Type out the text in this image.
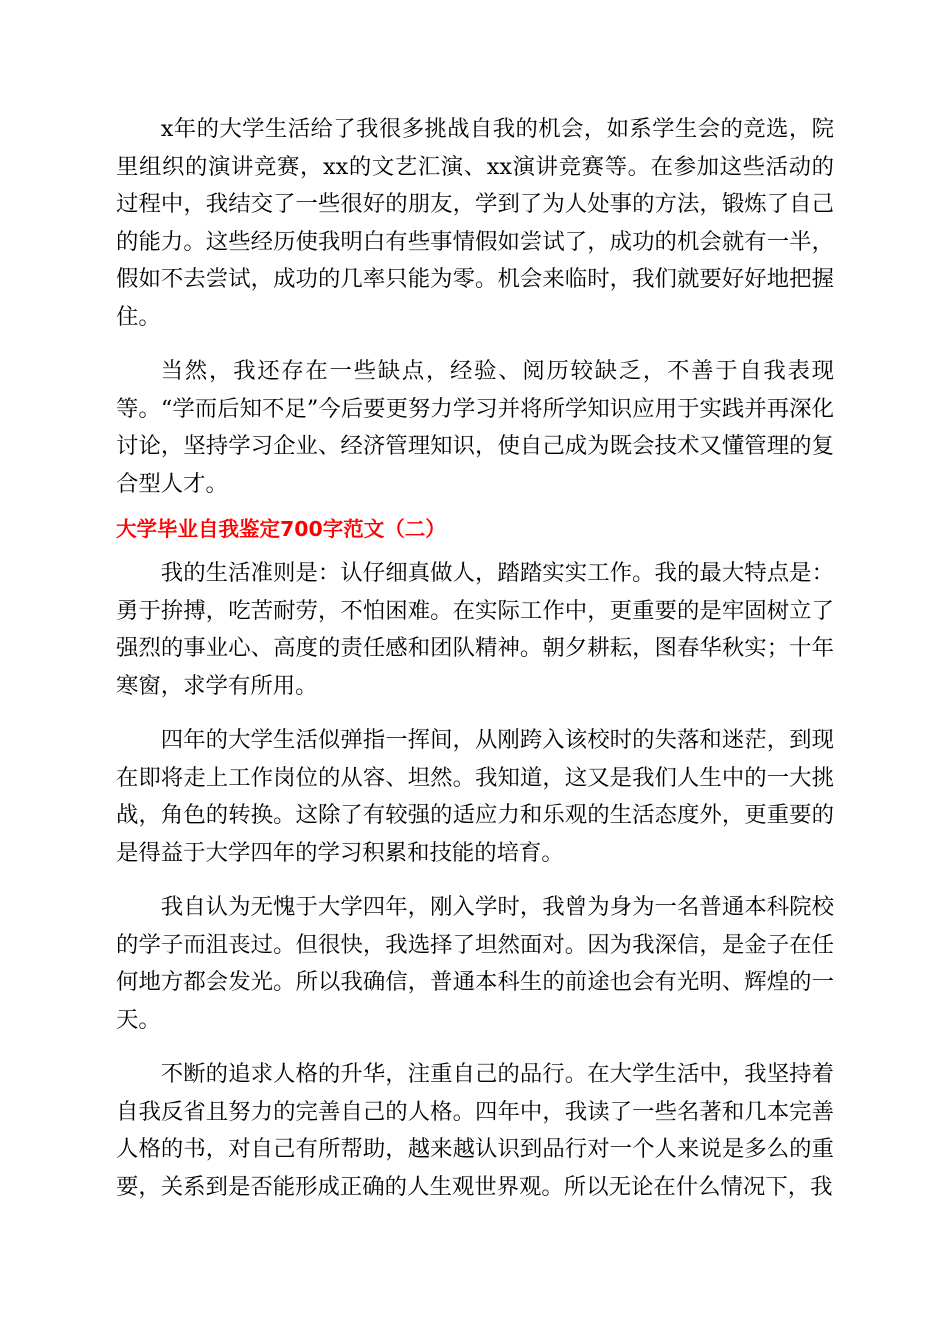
x年的大学生活给了我很多挑战自我的机会，如系学生会的竞选，院里组织的演讲竞赛，xx的文艺汇演、xx演讲竞赛等。在参加这些活动的过程中，我结交了一些很好的朋友，学到了为人处事的方法，锻炼了自己的能力。这些经历使我明白有些事情假如尝试了，成功的机会就有一半，假如不去尝试，成功的几率只能为零。机会来临时，我们就要好好地把握住。

当然，我还存在一些缺点，经验、阅历较缺乏，不善于自我表现等。“学而后知不足”今后要更努力学习并将所学知识应用于实践并再深化讨论，坚持学习企业、经济管理知识，使自己成为既会技术又懂管理的复合型人才。

大学毕业自我鉴定700字范文（二）

我的生活准则是：认仔细真做人，踏踏实实工作。我的最大特点是：勇于拚搏，吃苦耐劳，不怕困难。在实际工作中，更重要的是牢固树立了强烈的事业心、高度的责任感和团队精神。朝夕耕耘，图春华秋实；十年寒窗，求学有所用。

四年的大学生活似弹指一挥间，从刚跨入该校时的失落和迷茫，到现在即将走上工作岗位的从容、坦然。我知道，这又是我们人生中的一大挑战，角色的转换。这除了有较强的适应力和乐观的生活态度外，更重要的是得益于大学四年的学习积累和技能的培育。

我自认为无愧于大学四年，刚入学时，我曾为身为一名普通本科院校的学子而沮丧过。但很快，我选择了坦然面对。因为我深信，是金子在任何地方都会发光。所以我确信，普通本科生的前途也会有光明、辉煌的一天。

不断的追求人格的升华，注重自己的品行。在大学生活中，我坚持着自我反省且努力的完善自己的人格。四年中，我读了一些名著和几本完善人格的书，对自己有所帮助，越来越认识到品行对一个人来说是多么的重要，关系到是否能形成正确的人生观世界观。所以无论在什么情况下，我
